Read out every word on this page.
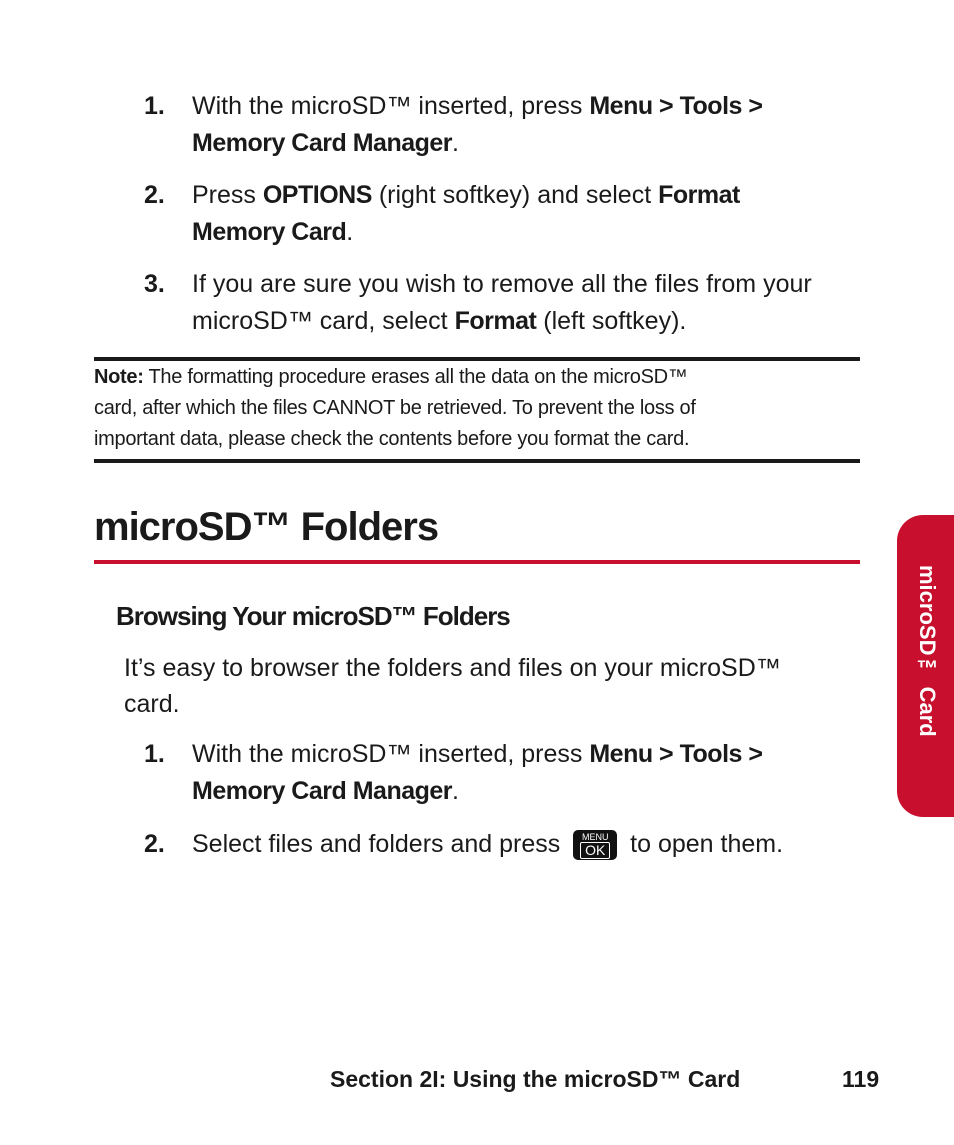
1. With the microSD™ inserted, press Menu > Tools >
Memory Card Manager.
2. Press OPTIONS (right softkey) and select Format
Memory Card.
3. If you are sure you wish to remove all the files from your
microSD™ card, select Format (left softkey).
Note: The formatting procedure erases all the data on the microSD™
card, after which the files CANNOT be retrieved. To prevent the loss of
important data, please check the contents before you format the card.
microSD™ Folders
Browsing Your microSD™ Folders
It’s easy to browser the folders and files on your microSD™
card.
1. With the microSD™ inserted, press Menu > Tools >
Memory Card Manager.
2. Select files and folders and press	MENU
OK to open them.
microSD™ Card
Section 2I: Using the microSD™ Card	119
